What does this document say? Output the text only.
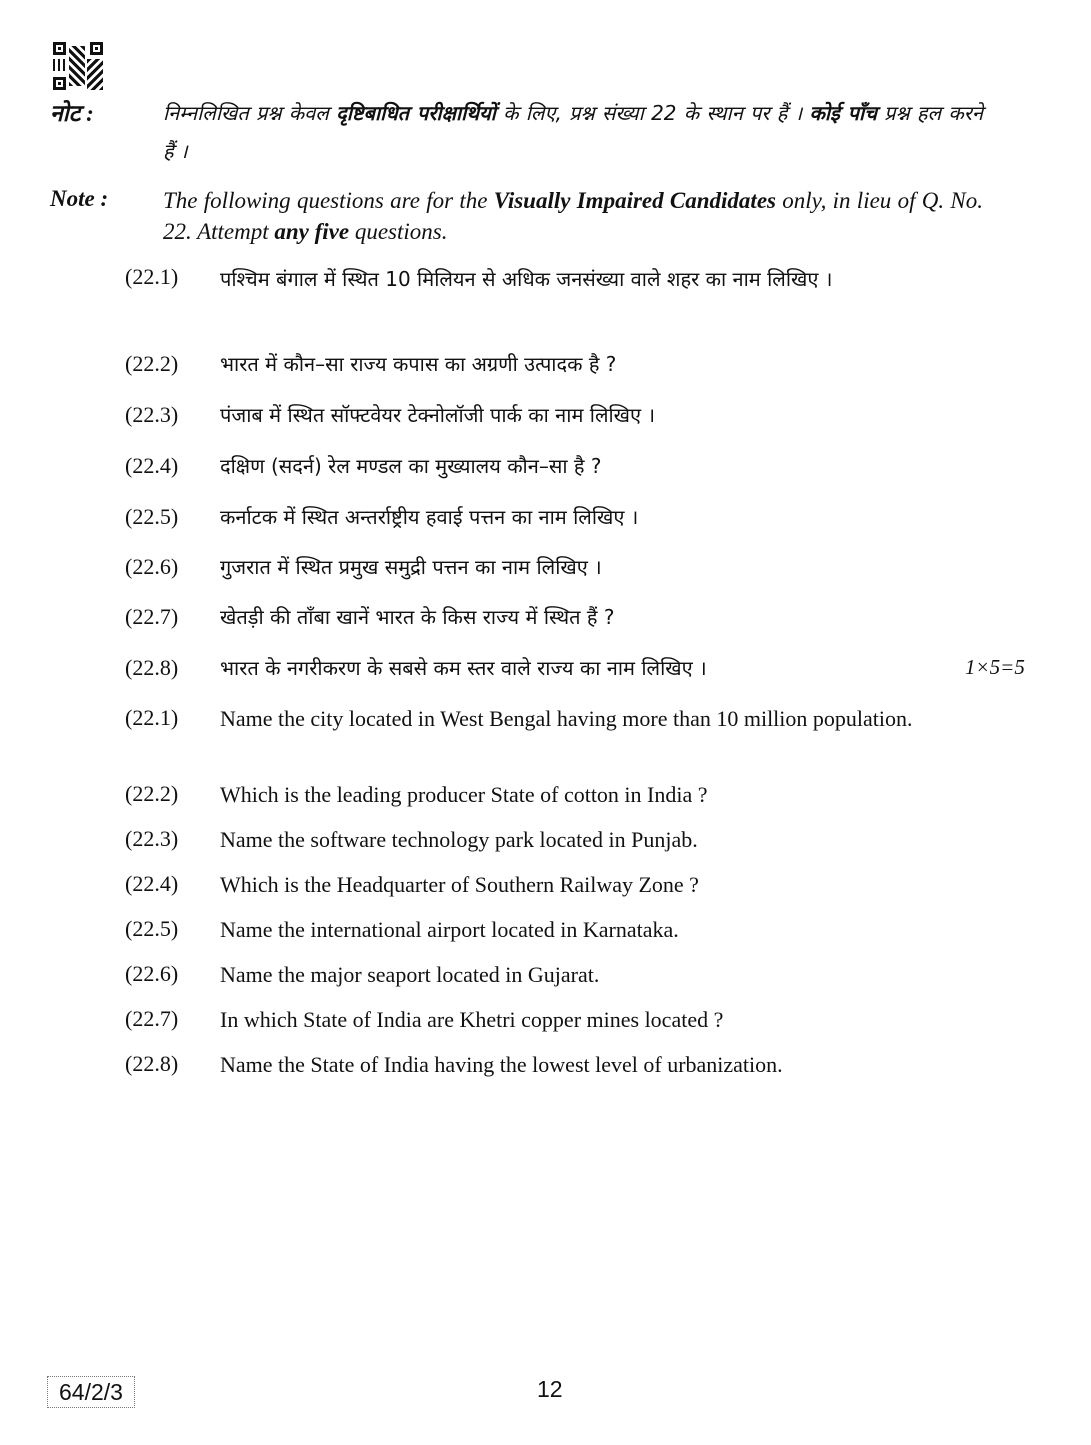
नोट :	निम्नलिखित प्रश्न केवल दृष्टिबाधित परीक्षार्थियों के लिए, प्रश्न संख्या 22 के स्थान पर हैं । कोई पाँच प्रश्न हल करने हैं ।
Note : The following questions are for the Visually Impaired Candidates only, in lieu of Q. No. 22. Attempt any five questions.
(22.1) पश्चिम बंगाल में स्थित 10 मिलियन से अधिक जनसंख्या वाले शहर का नाम लिखिए ।
(22.2) भारत में कौन–सा राज्य कपास का अग्रणी उत्पादक है ?
(22.3) पंजाब में स्थित सॉफ्टवेयर टेक्नोलॉजी पार्क का नाम लिखिए ।
(22.4) दक्षिण (सदर्न) रेल मण्डल का मुख्यालय कौन–सा है ?
(22.5) कर्नाटक में स्थित अन्तर्राष्ट्रीय हवाई पत्तन का नाम लिखिए ।
(22.6) गुजरात में स्थित प्रमुख समुद्री पत्तन का नाम लिखिए ।
(22.7) खेतड़ी की ताँबा खानें भारत के किस राज्य में स्थित हैं ?
(22.8) भारत के नगरीकरण के सबसे कम स्तर वाले राज्य का नाम लिखिए ।	1×5=5
(22.1) Name the city located in West Bengal having more than 10 million population.
(22.2) Which is the leading producer State of cotton in India ?
(22.3) Name the software technology park located in Punjab.
(22.4) Which is the Headquarter of Southern Railway Zone ?
(22.5) Name the international airport located in Karnataka.
(22.6) Name the major seaport located in Gujarat.
(22.7) In which State of India are Khetri copper mines located ?
(22.8) Name the State of India having the lowest level of urbanization.
64/2/3	12
